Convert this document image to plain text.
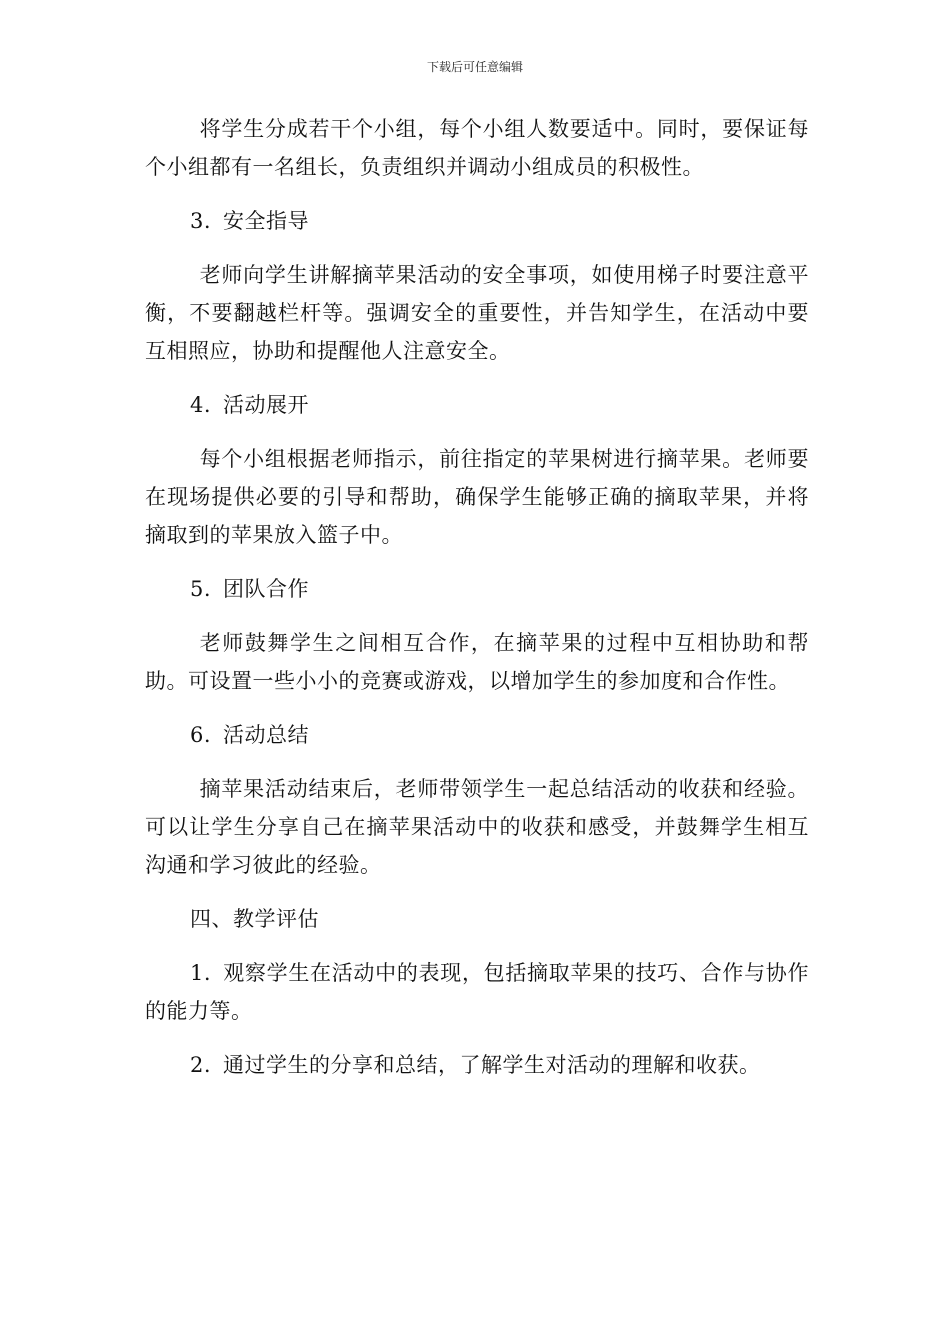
下载后可任意编辑

将学生分成若干个小组，每个小组人数要适中。同时，要保证每个小组都有一名组长，负责组织并调动小组成员的积极性。

3. 安全指导

老师向学生讲解摘苹果活动的安全事项，如使用梯子时要注意平衡，不要翻越栏杆等。强调安全的重要性，并告知学生，在活动中要互相照应，协助和提醒他人注意安全。

4. 活动展开

每个小组根据老师指示，前往指定的苹果树进行摘苹果。老师要在现场提供必要的引导和帮助，确保学生能够正确的摘取苹果，并将摘取到的苹果放入篮子中。

5. 团队合作

老师鼓舞学生之间相互合作，在摘苹果的过程中互相协助和帮助。可设置一些小小的竞赛或游戏，以增加学生的参加度和合作性。

6. 活动总结

摘苹果活动结束后，老师带领学生一起总结活动的收获和经验。可以让学生分享自己在摘苹果活动中的收获和感受，并鼓舞学生相互沟通和学习彼此的经验。

四、教学评估

1. 观察学生在活动中的表现，包括摘取苹果的技巧、合作与协作的能力等。

2. 通过学生的分享和总结，了解学生对活动的理解和收获。
